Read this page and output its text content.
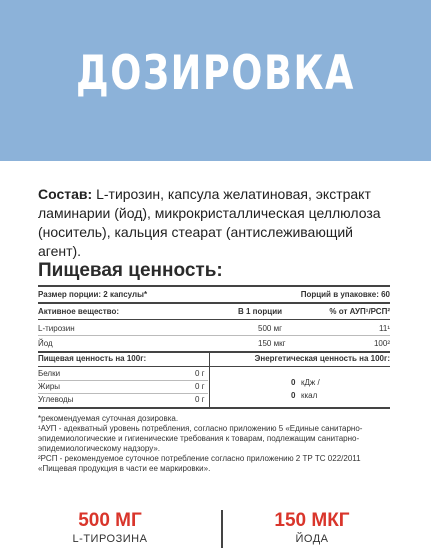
ДОЗИРОВКА
Состав: L-тирозин, капсула желатиновая, экстракт ламинарии (йод), микрокристаллическая целлюлоза (носитель), кальция стеарат (антислеживающий агент).
Пищевая ценность:
Размер порции: 2 капсулы*	Порций в упаковке: 60
Активное вещество:	В 1 порции	% от АУП¹/РСП²
L-тирозин	500 мг	11¹
Йод	150 мкг	100²
Пищевая ценность на 100г:	Энергетическая ценность на 100г:
Белки	0 г
Жиры	0 г
Углеводы	0 г
0 кДж /
0 ккал
*рекомендуемая суточная дозировка.
¹АУП - адекватный уровень потребления, согласно приложению 5 «Единые санитарно-эпидемиологические и гигиенические требования к товарам, подлежащим санитарно-эпидемиологическому надзору».
²РСП - рекомендуемое суточное потребление согласно приложению 2 ТР ТС 022/2011 «Пищевая продукция в части ее маркировки».
500 МГ
L-ТИРОЗИНА
150 МКГ
ЙОДА
